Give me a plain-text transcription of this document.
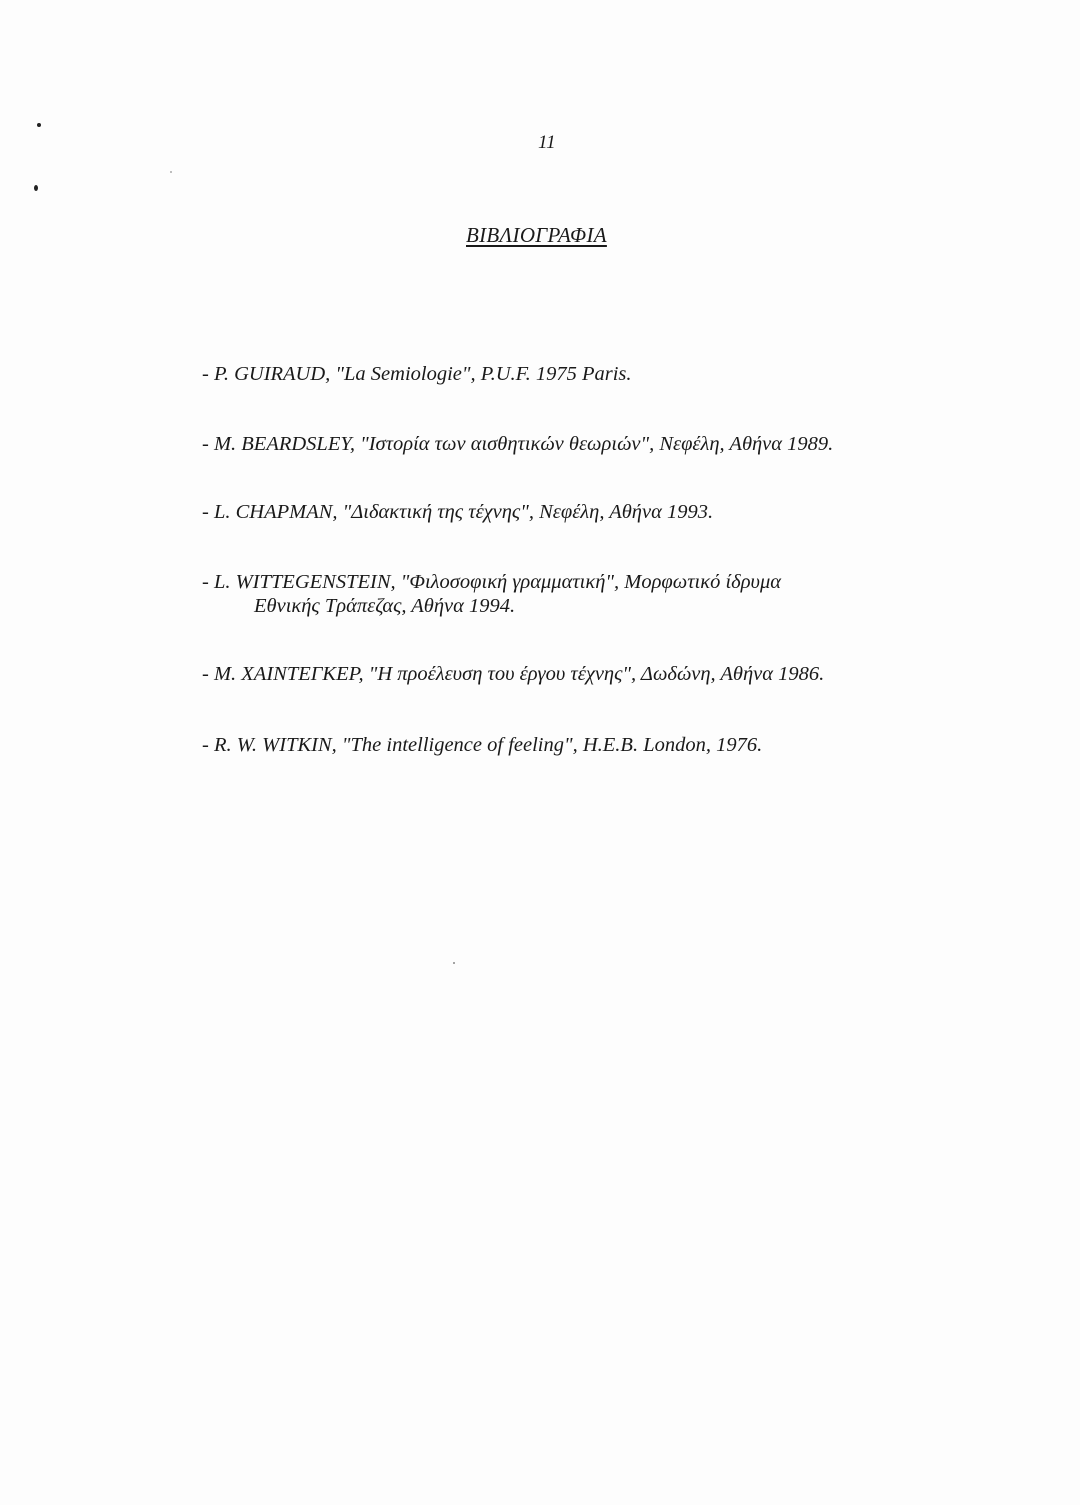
11
ΒΙΒΛΙΟΓΡΑΦΙΑ
- P. GUIRAUD, "La Semiologie", P.U.F. 1975 Paris.
- M. BEARDSLEY, "Ιστορία των αισθητικών θεωριών", Νεφέλη, Αθήνα 1989.
- L. CHAPMAN, "Διδακτική της τέχνης", Νεφέλη, Αθήνα 1993.
- L. WITTEGENSTEIN, "Φιλοσοφική γραμματική", Μορφωτικό ίδρυμα
Εθνικής Τράπεζας, Αθήνα 1994.
- Μ. ΧΑΙΝΤΕΓΚΕΡ, "Η προέλευση του έργου τέχνης", Δωδώνη, Αθήνα 1986.
- R. W. WITKIN, "The intelligence of feeling", H.E.B. London, 1976.
